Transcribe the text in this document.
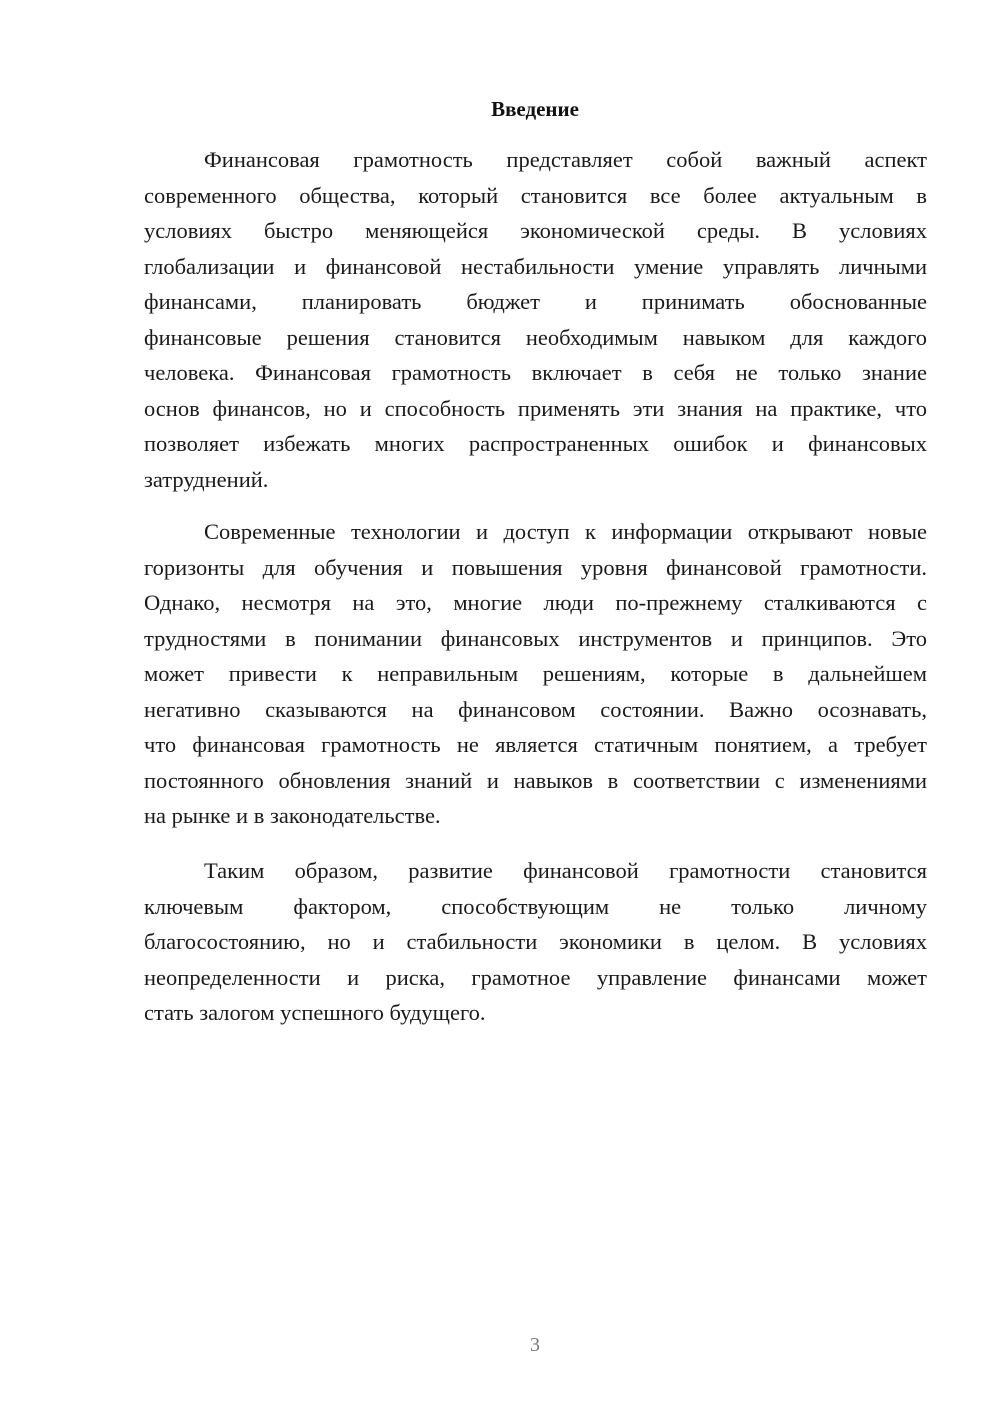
Введение
Финансовая грамотность представляет собой важный аспект
современного общества, который становится все более актуальным в
условиях быстро меняющейся экономической среды. В условиях
глобализации и финансовой нестабильности умение управлять личными
финансами, планировать бюджет и принимать обоснованные
финансовые решения становится необходимым навыком для каждого
человека. Финансовая грамотность включает в себя не только знание
основ финансов, но и способность применять эти знания на практике, что
позволяет избежать многих распространенных ошибок и финансовых
затруднений.
Современные технологии и доступ к информации открывают новые
горизонты для обучения и повышения уровня финансовой грамотности.
Однако, несмотря на это, многие люди по-прежнему сталкиваются с
трудностями в понимании финансовых инструментов и принципов. Это
может привести к неправильным решениям, которые в дальнейшем
негативно сказываются на финансовом состоянии. Важно осознавать,
что финансовая грамотность не является статичным понятием, а требует
постоянного обновления знаний и навыков в соответствии с изменениями
на рынке и в законодательстве.
Таким образом, развитие финансовой грамотности становится
ключевым фактором, способствующим не только личному
благосостоянию, но и стабильности экономики в целом. В условиях
неопределенности и риска, грамотное управление финансами может
стать залогом успешного будущего.
3
